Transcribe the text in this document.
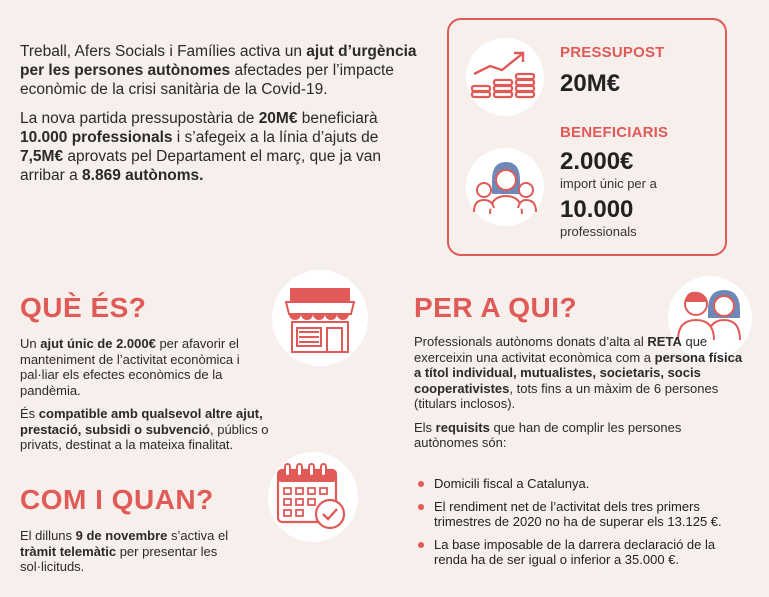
Treball, Afers Socials i Famílies activa un ajut d’urgència per les persones autònomes afectades per l’impacte econòmic de la crisi sanitària de la Covid-19.

La nova partida pressupostària de 20M€ beneficiarà 10.000 professionals i s’afegeix a la línia d’ajuts de 7,5M€ aprovats pel Departament el març, que ja van arribar a 8.869 autònoms.

PRESSUPOST
20M€
BENEFICIARIS
2.000€
import únic per a
10.000
professionals
QUÈ ÉS?

Un ajut únic de 2.000€ per afavorir el manteniment de l’activitat econòmica i pal·liar els efectes econòmics de la pandèmia.

És compatible amb qualsevol altre ajut, prestació, subsidi o subvenció, públics o privats, destinat a la mateixa finalitat.

COM I QUAN?

El dilluns 9 de novembre s’activa el tràmit telemàtic per presentar les sol·licituds.

PER A QUI?

Professionals autònoms donats d’alta al RETA que exerceixin una activitat econòmica com a persona física a títol individual, mutualistes, societaris, socis cooperativistes, tots fins a un màxim de 6 persones (titulars inclosos).

Els requisits que han de complir les persones autònomes són:

Domicili fiscal a Catalunya.
El rendiment net de l’activitat dels tres primers trimestres de 2020 no ha de superar els 13.125 €.
La base imposable de la darrera declaració de la renda ha de ser igual o inferior a 35.000 €.
